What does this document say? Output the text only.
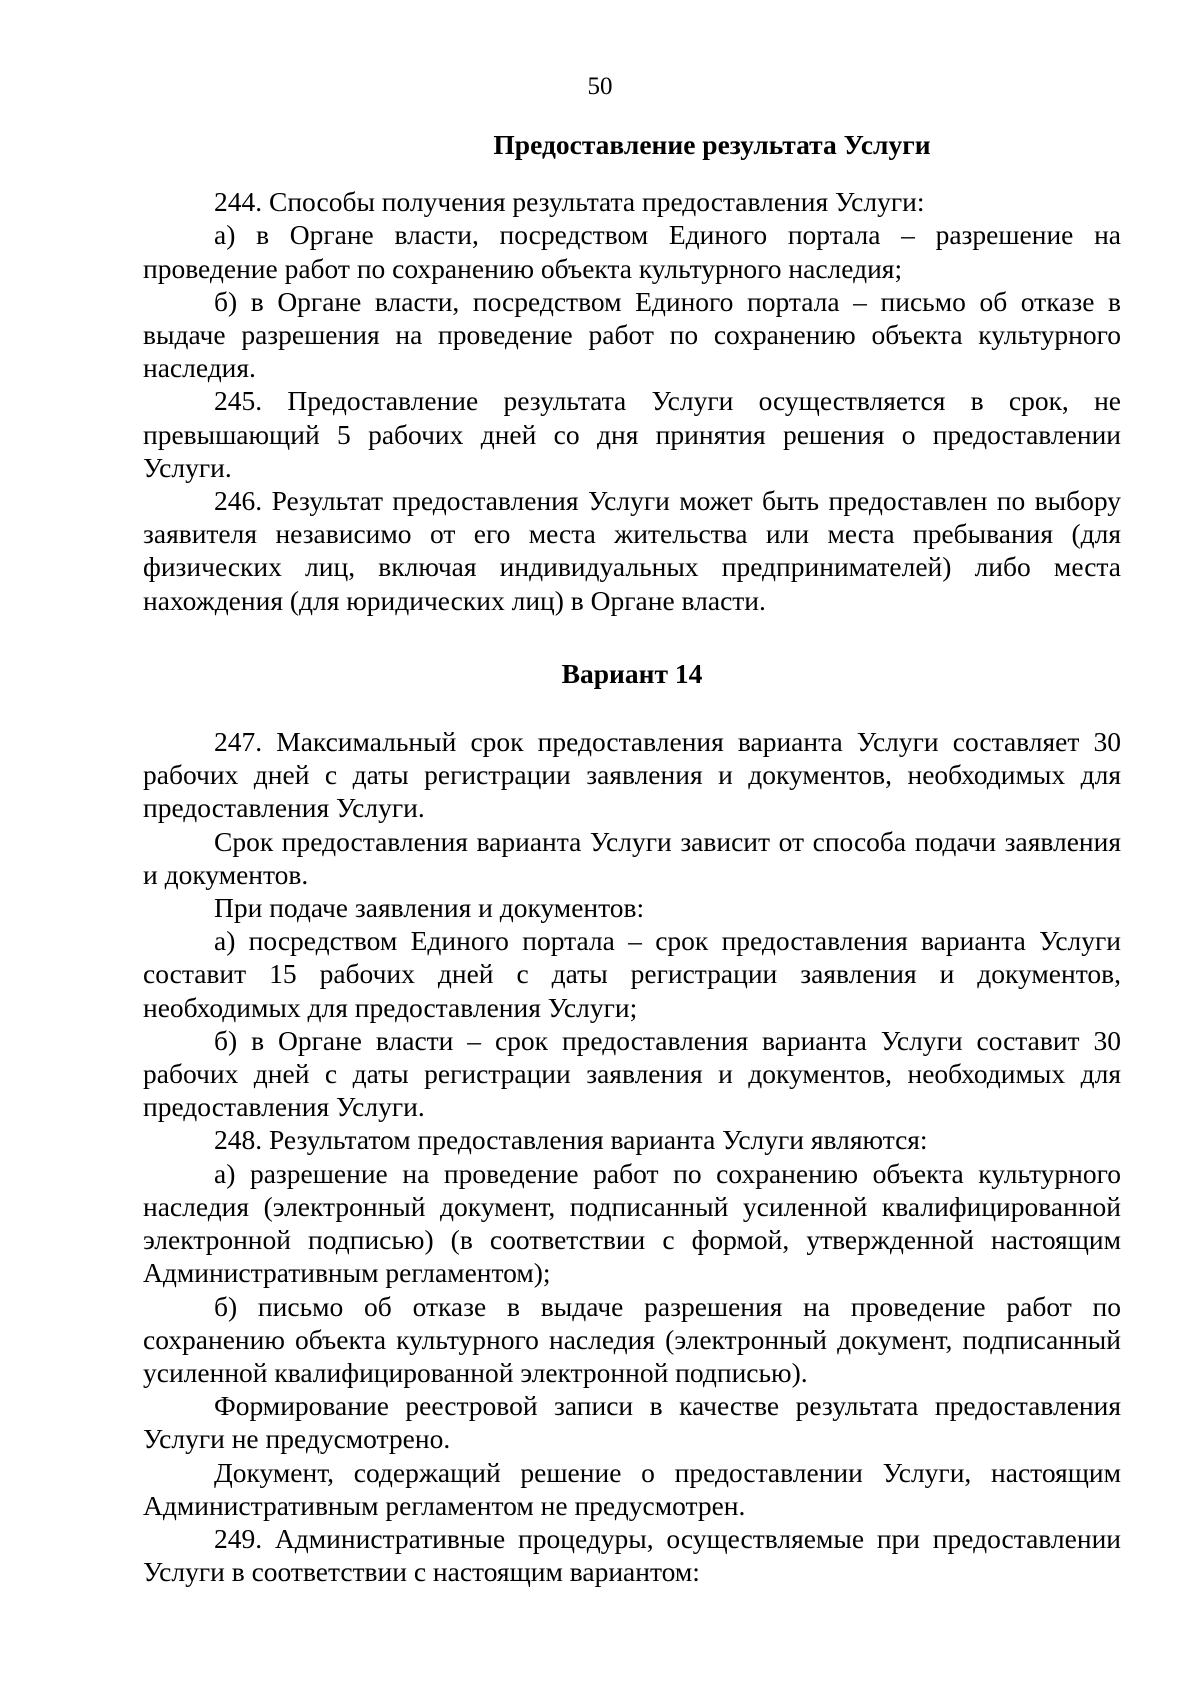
50

Предоставление результата Услуги

244. Способы получения результата предоставления Услуги:

а) в Органе власти, посредством Единого портала – разрешение на проведение работ по сохранению объекта культурного наследия;

б) в Органе власти, посредством Единого портала – письмо об отказе в выдаче разрешения на проведение работ по сохранению объекта культурного наследия.

245. Предоставление результата Услуги осуществляется в срок, не превышающий 5 рабочих дней со дня принятия решения о предоставлении Услуги.

246. Результат предоставления Услуги может быть предоставлен по выбору заявителя независимо от его места жительства или места пребывания (для физических лиц, включая индивидуальных предпринимателей) либо места нахождения (для юридических лиц) в Органе власти.

Вариант 14

247. Максимальный срок предоставления варианта Услуги составляет 30 рабочих дней с даты регистрации заявления и документов, необходимых для предоставления Услуги.

Срок предоставления варианта Услуги зависит от способа подачи заявления и документов.

При подаче заявления и документов:

а) посредством Единого портала – срок предоставления варианта Услуги составит 15 рабочих дней с даты регистрации заявления и документов, необходимых для предоставления Услуги;

б) в Органе власти – срок предоставления варианта Услуги составит 30 рабочих дней с даты регистрации заявления и документов, необходимых для предоставления Услуги.

248. Результатом предоставления варианта Услуги являются:

а) разрешение на проведение работ по сохранению объекта культурного наследия (электронный документ, подписанный усиленной квалифицированной электронной подписью) (в соответствии с формой, утвержденной настоящим Административным регламентом);

б) письмо об отказе в выдаче разрешения на проведение работ по сохранению объекта культурного наследия (электронный документ, подписанный усиленной квалифицированной электронной подписью).

Формирование реестровой записи в качестве результата предоставления Услуги не предусмотрено.

Документ, содержащий решение о предоставлении Услуги, настоящим Административным регламентом не предусмотрен.

249. Административные процедуры, осуществляемые при предоставлении Услуги в соответствии с настоящим вариантом:
